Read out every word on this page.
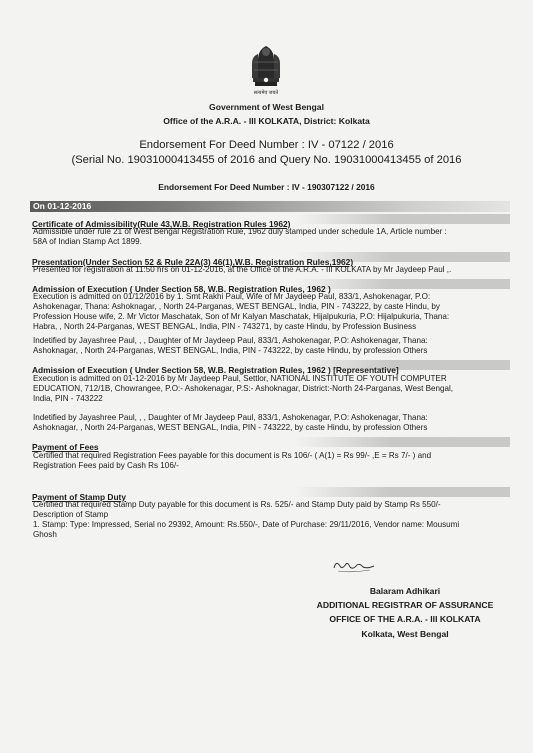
सत्यमेव जयते
Government of West Bengal
Office of the A.R.A. - III KOLKATA, District: Kolkata
Endorsement For Deed Number : IV - 07122 / 2016
(Serial No. 19031000413455 of 2016 and Query No. 19031000413455 of 2016
Endorsement For Deed Number : IV - 190307122 / 2016
On 01-12-2016
Certificate of Admissibility(Rule 43,W.B. Registration Rules 1962)
Admissible under rule 21 of West Bengal Registration Rule, 1962 duly stamped under schedule 1A, Article number :
58A of Indian Stamp Act 1899.
Presentation(Under Section 52 & Rule 22A(3) 46(1),W.B. Registration Rules,1962)
Presented for registration at 11:50 hrs on 01-12-2016, at the Office of the A.R.A. - III KOLKATA by Mr Jaydeep Paul ,.
Admission of Execution ( Under Section 58, W.B. Registration Rules, 1962 )
Execution is admitted on 01/12/2016 by 1. Smt Rakhi Paul, Wife of Mr Jaydeep Paul, 833/1, Ashokenagar, P.O:
Ashokenagar, Thana: Ashoknagar, , North 24-Parganas, WEST BENGAL, India, PIN - 743222, by caste Hindu, by
Profession House wife, 2. Mr Victor Maschatak, Son of Mr Kalyan Maschatak, Hijalpukuria, P.O: Hijalpukuria, Thana:
Habra, , North 24-Parganas, WEST BENGAL, India, PIN - 743271, by caste Hindu, by Profession Business
Indetified by Jayashree Paul, , , Daughter of Mr Jaydeep Paul, 833/1, Ashokenagar, P.O: Ashokenagar, Thana:
Ashoknagar, , North 24-Parganas, WEST BENGAL, India, PIN - 743222, by caste Hindu, by profession Others
Admission of Execution ( Under Section 58, W.B. Registration Rules, 1962 ) [Representative]
Execution is admitted on 01-12-2016 by Mr Jaydeep Paul, Settlor, NATIONAL INSTITUTE OF YOUTH COMPUTER
EDUCATION, 712/1B, Chowrangee, P.O:- Ashokenagar, P.S:- Ashoknagar, District:-North 24-Parganas, West Bengal,
India, PIN - 743222
Indetified by Jayashree Paul, , , Daughter of Mr Jaydeep Paul, 833/1, Ashokenagar, P.O: Ashokenagar, Thana:
Ashoknagar, , North 24-Parganas, WEST BENGAL, India, PIN - 743222, by caste Hindu, by profession Others
Payment of Fees
Certified that required Registration Fees payable for this document is Rs 106/- ( A(1) = Rs 99/- ,E = Rs 7/- ) and
Registration Fees paid by Cash Rs 106/-
Payment of Stamp Duty
Certified that required Stamp Duty payable for this document is Rs. 525/- and Stamp Duty paid by Stamp Rs 550/-
Description of Stamp
1. Stamp: Type: Impressed, Serial no 29392, Amount: Rs.550/-, Date of Purchase: 29/11/2016, Vendor name: Mousumi
Ghosh
Balaram Adhikari
ADDITIONAL REGISTRAR OF ASSURANCE
OFFICE OF THE A.R.A. - III KOLKATA
Kolkata, West Bengal
